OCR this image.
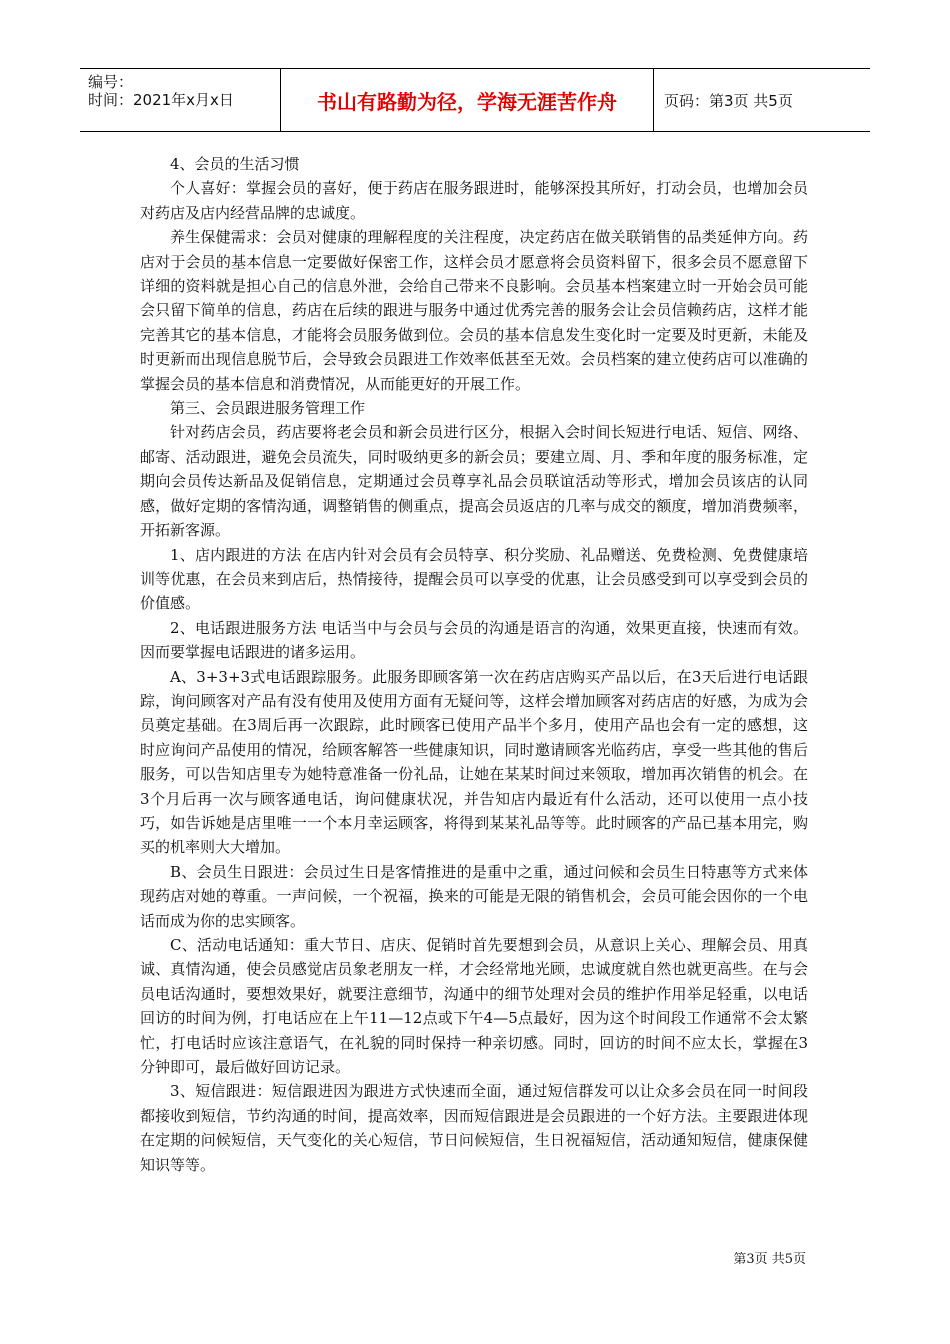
编号：
时间：2021年x月x日	书山有路勤为径，学海无涯苦作舟	页码：第3页 共5页

4、会员的生活习惯

个人喜好：掌握会员的喜好，便于药店在服务跟进时，能够深投其所好，打动会员，也增加会员对药店及店内经营品牌的忠诚度。

养生保健需求：会员对健康的理解程度的关注程度，决定药店在做关联销售的品类延伸方向。药店对于会员的基本信息一定要做好保密工作，这样会员才愿意将会员资料留下，很多会员不愿意留下详细的资料就是担心自己的信息外泄，会给自己带来不良影响。会员基本档案建立时一开始会员可能会只留下简单的信息，药店在后续的跟进与服务中通过优秀完善的服务会让会员信赖药店，这样才能完善其它的基本信息，才能将会员服务做到位。会员的基本信息发生变化时一定要及时更新，未能及时更新而出现信息脱节后，会导致会员跟进工作效率低甚至无效。会员档案的建立使药店可以准确的掌握会员的基本信息和消费情况，从而能更好的开展工作。

第三、会员跟进服务管理工作

针对药店会员，药店要将老会员和新会员进行区分，根据入会时间长短进行电话、短信、网络、邮寄、活动跟进，避免会员流失，同时吸纳更多的新会员；要建立周、月、季和年度的服务标准，定期向会员传达新品及促销信息，定期通过会员尊享礼品会员联谊活动等形式，增加会员该店的认同感，做好定期的客情沟通，调整销售的侧重点，提高会员返店的几率与成交的额度，增加消费频率，开拓新客源。

1、店内跟进的方法 在店内针对会员有会员特享、积分奖励、礼品赠送、免费检测、免费健康培训等优惠，在会员来到店后，热情接待，提醒会员可以享受的优惠，让会员感受到可以享受到会员的价值感。

2、电话跟进服务方法 电话当中与会员与会员的沟通是语言的沟通，效果更直接，快速而有效。因而要掌握电话跟进的诸多运用。

A、3+3+3式电话跟踪服务。此服务即顾客第一次在药店店购买产品以后，在3天后进行电话跟踪，询问顾客对产品有没有使用及使用方面有无疑问等，这样会增加顾客对药店店的好感，为成为会员奠定基础。在3周后再一次跟踪，此时顾客已使用产品半个多月，使用产品也会有一定的感想，这时应询问产品使用的情况，给顾客解答一些健康知识，同时邀请顾客光临药店，享受一些其他的售后服务，可以告知店里专为她特意准备一份礼品，让她在某某时间过来领取，增加再次销售的机会。在3个月后再一次与顾客通电话，询问健康状况，并告知店内最近有什么活动，还可以使用一点小技巧，如告诉她是店里唯一一个本月幸运顾客，将得到某某礼品等等。此时顾客的产品已基本用完，购买的机率则大大增加。

B、会员生日跟进：会员过生日是客情推进的是重中之重，通过问候和会员生日特惠等方式来体现药店对她的尊重。一声问候，一个祝福，换来的可能是无限的销售机会，会员可能会因你的一个电话而成为你的忠实顾客。

C、活动电话通知：重大节日、店庆、促销时首先要想到会员，从意识上关心、理解会员、用真诚、真情沟通，使会员感觉店员象老朋友一样，才会经常地光顾，忠诚度就自然也就更高些。在与会员电话沟通时，要想效果好，就要注意细节，沟通中的细节处理对会员的维护作用举足轻重，以电话回访的时间为例，打电话应在上午11—12点或下午4—5点最好，因为这个时间段工作通常不会太繁忙，打电话时应该注意语气，在礼貌的同时保持一种亲切感。同时，回访的时间不应太长，掌握在3分钟即可，最后做好回访记录。

3、短信跟进：短信跟进因为跟进方式快速而全面，通过短信群发可以让众多会员在同一时间段都接收到短信，节约沟通的时间，提高效率，因而短信跟进是会员跟进的一个好方法。主要跟进体现在定期的问候短信，天气变化的关心短信，节日问候短信，生日祝福短信，活动通知短信，健康保健知识等等。

第3页 共5页
